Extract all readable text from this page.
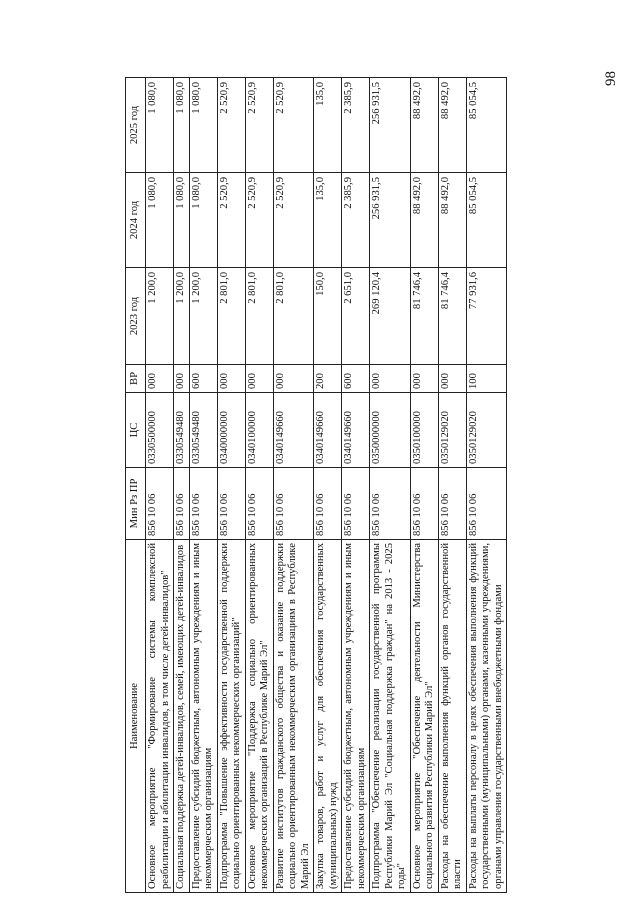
98
Наименование	Мин Рз ПР	ЦС	ВР	2023 год	2024 год	2025 год
Основное мероприятие "Формирование системы комплексной реабилитации и абилитации инвалидов, в том числе детей-инвалидов"	856 10 06	0330500000	000	1 200,0	1 080,0	1 080,0
Социальная поддержка детей-инвалидов, семей, имеющих детей-инвалидов	856 10 06	0330549480	000	1 200,0	1 080,0	1 080,0
Предоставление субсидий бюджетным, автономным учреждениям и иным некоммерческим организациям	856 10 06	0330549480	600	1 200,0	1 080,0	1 080,0
Подпрограмма "Повышение эффективности государственной поддержки социально ориентированных некоммерческих организаций"	856 10 06	0340000000	000	2 801,0	2 520,9	2 520,9
Основное мероприятие "Поддержка социально ориентированных некоммерческих организаций в Республике Марий Эл"	856 10 06	0340100000	000	2 801,0	2 520,9	2 520,9
Развитие институтов гражданского общества и оказание поддержки социально ориентированным некоммерческим организациям в Республике Марий Эл	856 10 06	0340149660	000	2 801,0	2 520,9	2 520,9
Закупка товаров, работ и услуг для обеспечения государственных (муниципальных) нужд	856 10 06	0340149660	200	150,0	135,0	135,0
Предоставление субсидий бюджетным, автономным учреждениям и иным некоммерческим организациям	856 10 06	0340149660	600	2 651,0	2 385,9	2 385,9
Подпрограмма "Обеспечение реализации государственной программы Республики Марий Эл "Социальная поддержка граждан" на 2013 - 2025 годы"	856 10 06	0350000000	000	269 120,4	256 931,5	256 931,5
Основное мероприятие "Обеспечение деятельности Министерства социального развития Республики Марий Эл"	856 10 06	0350100000	000	81 746,4	88 492,0	88 492,0
Расходы на обеспечение выполнения функций органов государственной власти	856 10 06	0350129020	000	81 746,4	88 492,0	88 492,0
Расходы на выплаты персоналу в целях обеспечения выполнения функций государственными (муниципальными) органами, казенными учреждениями, органами управления государственными внебюджетными фондами	856 10 06	0350129020	100	77 931,6	85 054,5	85 054,5
